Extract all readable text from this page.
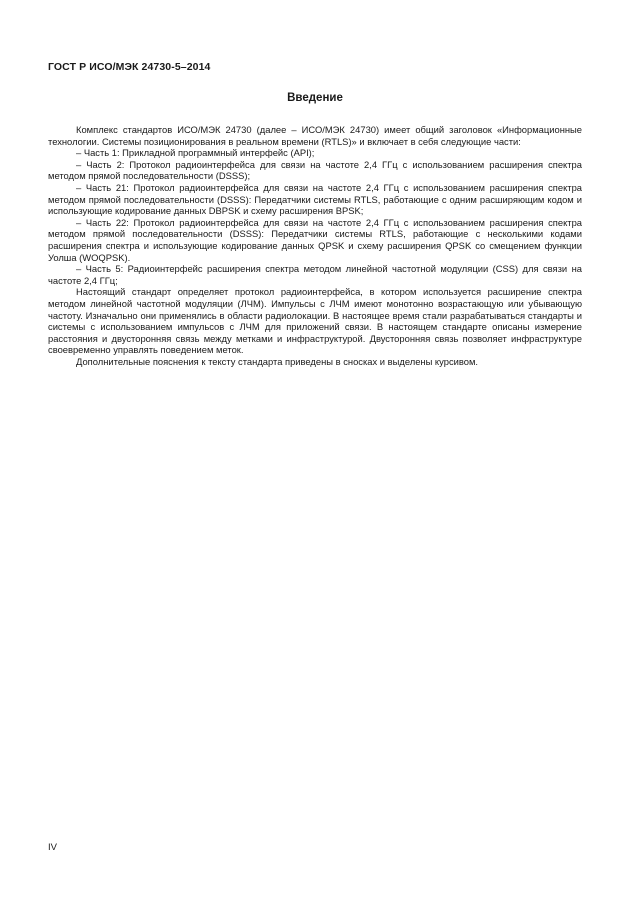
ГОСТ Р ИСО/МЭК 24730-5–2014
Введение

Комплекс стандартов ИСО/МЭК 24730 (далее – ИСО/МЭК 24730) имеет общий заголовок «Информационные технологии. Системы позиционирования в реальном времени (RTLS)» и включает в себя следующие части:

– Часть 1: Прикладной программный интерфейс (API);

– Часть 2: Протокол радиоинтерфейса для связи на частоте 2,4 ГГц с использованием расширения спектра методом прямой последовательности (DSSS);

– Часть 21: Протокол радиоинтерфейса для связи на частоте 2,4 ГГц с использованием расширения спектра методом прямой последовательности (DSSS): Передатчики системы RTLS, работающие с одним расширяющим кодом и использующие кодирование данных DBPSK и схему расширения BPSK;

– Часть 22: Протокол радиоинтерфейса для связи на частоте 2,4 ГГц с использованием расширения спектра методом прямой последовательности (DSSS): Передатчики системы RTLS, работающие с несколькими кодами расширения спектра и использующие кодирование данных QPSK и схему расширения QPSK со смещением функции Уолша (WOQPSK).

– Часть 5: Радиоинтерфейс расширения спектра методом линейной частотной модуляции (CSS) для связи на частоте 2,4 ГГц;

Настоящий стандарт определяет протокол радиоинтерфейса, в котором используется расширение спектра методом линейной частотной модуляции (ЛЧМ). Импульсы с ЛЧМ имеют монотонно возрастающую или убывающую частоту. Изначально они применялись в области радиолокации. В настоящее время стали разрабатываться стандарты и системы с использованием импульсов с ЛЧМ для приложений связи. В настоящем стандарте описаны измерение расстояния и двусторонняя связь между метками и инфраструктурой. Двусторонняя связь позволяет инфраструктуре своевременно управлять поведением меток.

Дополнительные пояснения к тексту стандарта приведены в сносках и выделены курсивом.

IV
